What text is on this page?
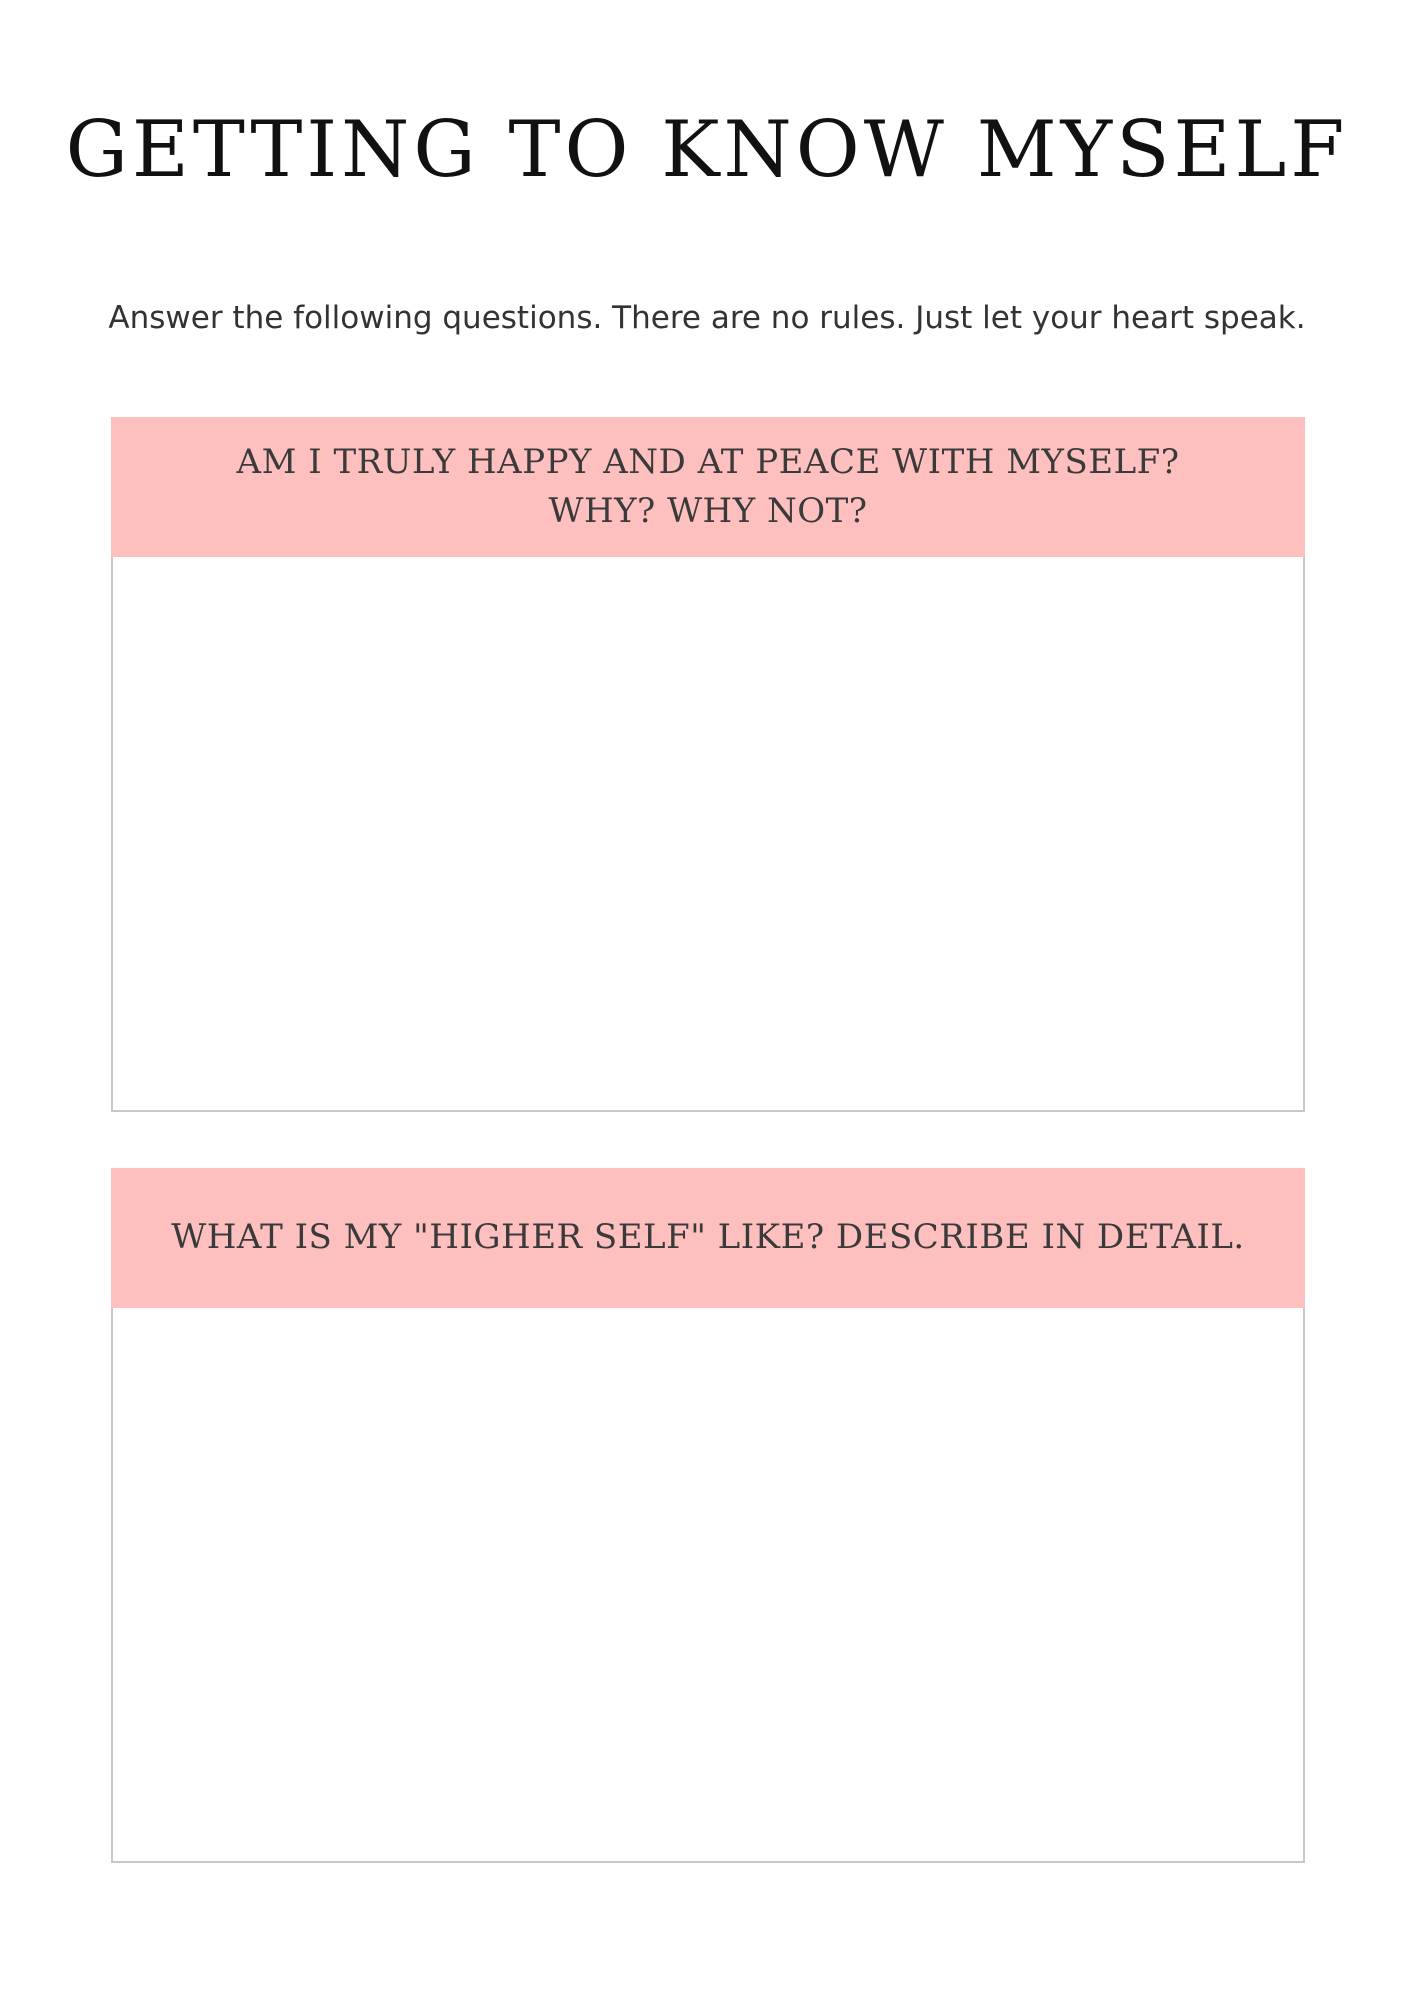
GETTING TO KNOW MYSELF

Answer the following questions. There are no rules. Just let your heart speak.

AM I TRULY HAPPY AND AT PEACE WITH MYSELF?
WHY? WHY NOT?
WHAT IS MY "HIGHER SELF" LIKE? DESCRIBE IN DETAIL.
